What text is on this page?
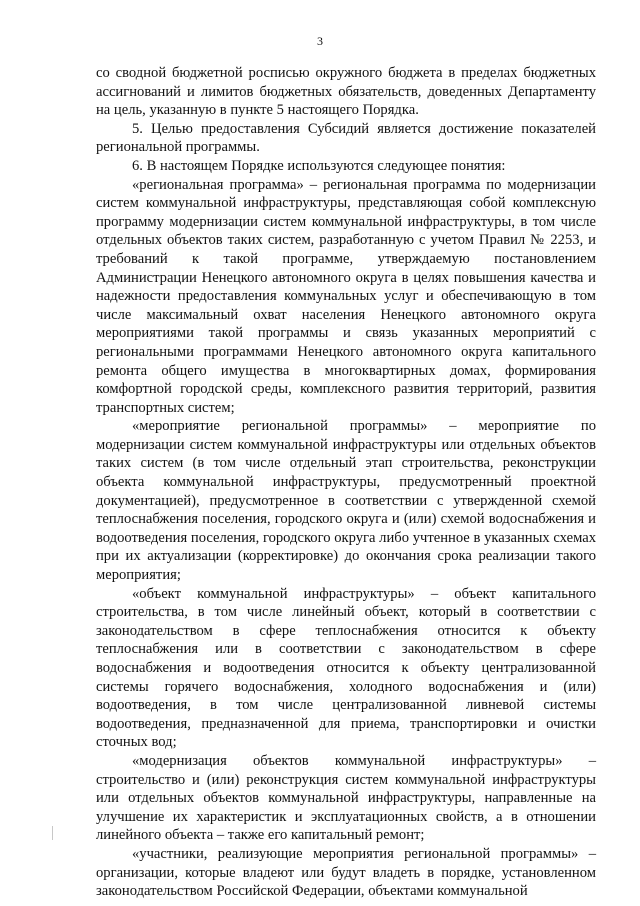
3

со сводной бюджетной росписью окружного бюджета в пределах бюджетных ассигнований и лимитов бюджетных обязательств, доведенных Департаменту на цель, указанную в пункте 5 настоящего Порядка.

5. Целью предоставления Субсидий является достижение показателей региональной программы.

6. В настоящем Порядке используются следующее понятия:

«региональная программа» – региональная программа по модернизации систем коммунальной инфраструктуры, представляющая собой комплексную программу модернизации систем коммунальной инфраструктуры, в том числе отдельных объектов таких систем, разработанную с учетом Правил № 2253, и требований к такой программе, утверждаемую постановлением Администрации Ненецкого автономного округа в целях повышения качества и надежности предоставления коммунальных услуг и обеспечивающую в том числе максимальный охват населения Ненецкого автономного округа мероприятиями такой программы и связь указанных мероприятий с региональными программами Ненецкого автономного округа капитального ремонта общего имущества в многоквартирных домах, формирования комфортной городской среды, комплексного развития территорий, развития транспортных систем;

«мероприятие региональной программы» – мероприятие по модернизации систем коммунальной инфраструктуры или отдельных объектов таких систем (в том числе отдельный этап строительства, реконструкции объекта коммунальной инфраструктуры, предусмотренный проектной документацией), предусмотренное в соответствии с утвержденной схемой теплоснабжения поселения, городского округа и (или) схемой водоснабжения и водоотведения поселения, городского округа либо учтенное в указанных схемах при их актуализации (корректировке) до окончания срока реализации такого мероприятия;

«объект коммунальной инфраструктуры» – объект капитального строительства, в том числе линейный объект, который в соответствии с законодательством в сфере теплоснабжения относится к объекту теплоснабжения или в соответствии с законодательством в сфере водоснабжения и водоотведения относится к объекту централизованной системы горячего водоснабжения, холодного водоснабжения и (или) водоотведения, в том числе централизованной ливневой системы водоотведения, предназначенной для приема, транспортировки и очистки сточных вод;

«модернизация объектов коммунальной инфраструктуры» – строительство и (или) реконструкция систем коммунальной инфраструктуры или отдельных объектов коммунальной инфраструктуры, направленные на улучшение их характеристик и эксплуатационных свойств, а в отношении линейного объекта – также его капитальный ремонт;

«участники, реализующие мероприятия региональной программы» – организации, которые владеют или будут владеть в порядке, установленном законодательством Российской Федерации, объектами коммунальной
